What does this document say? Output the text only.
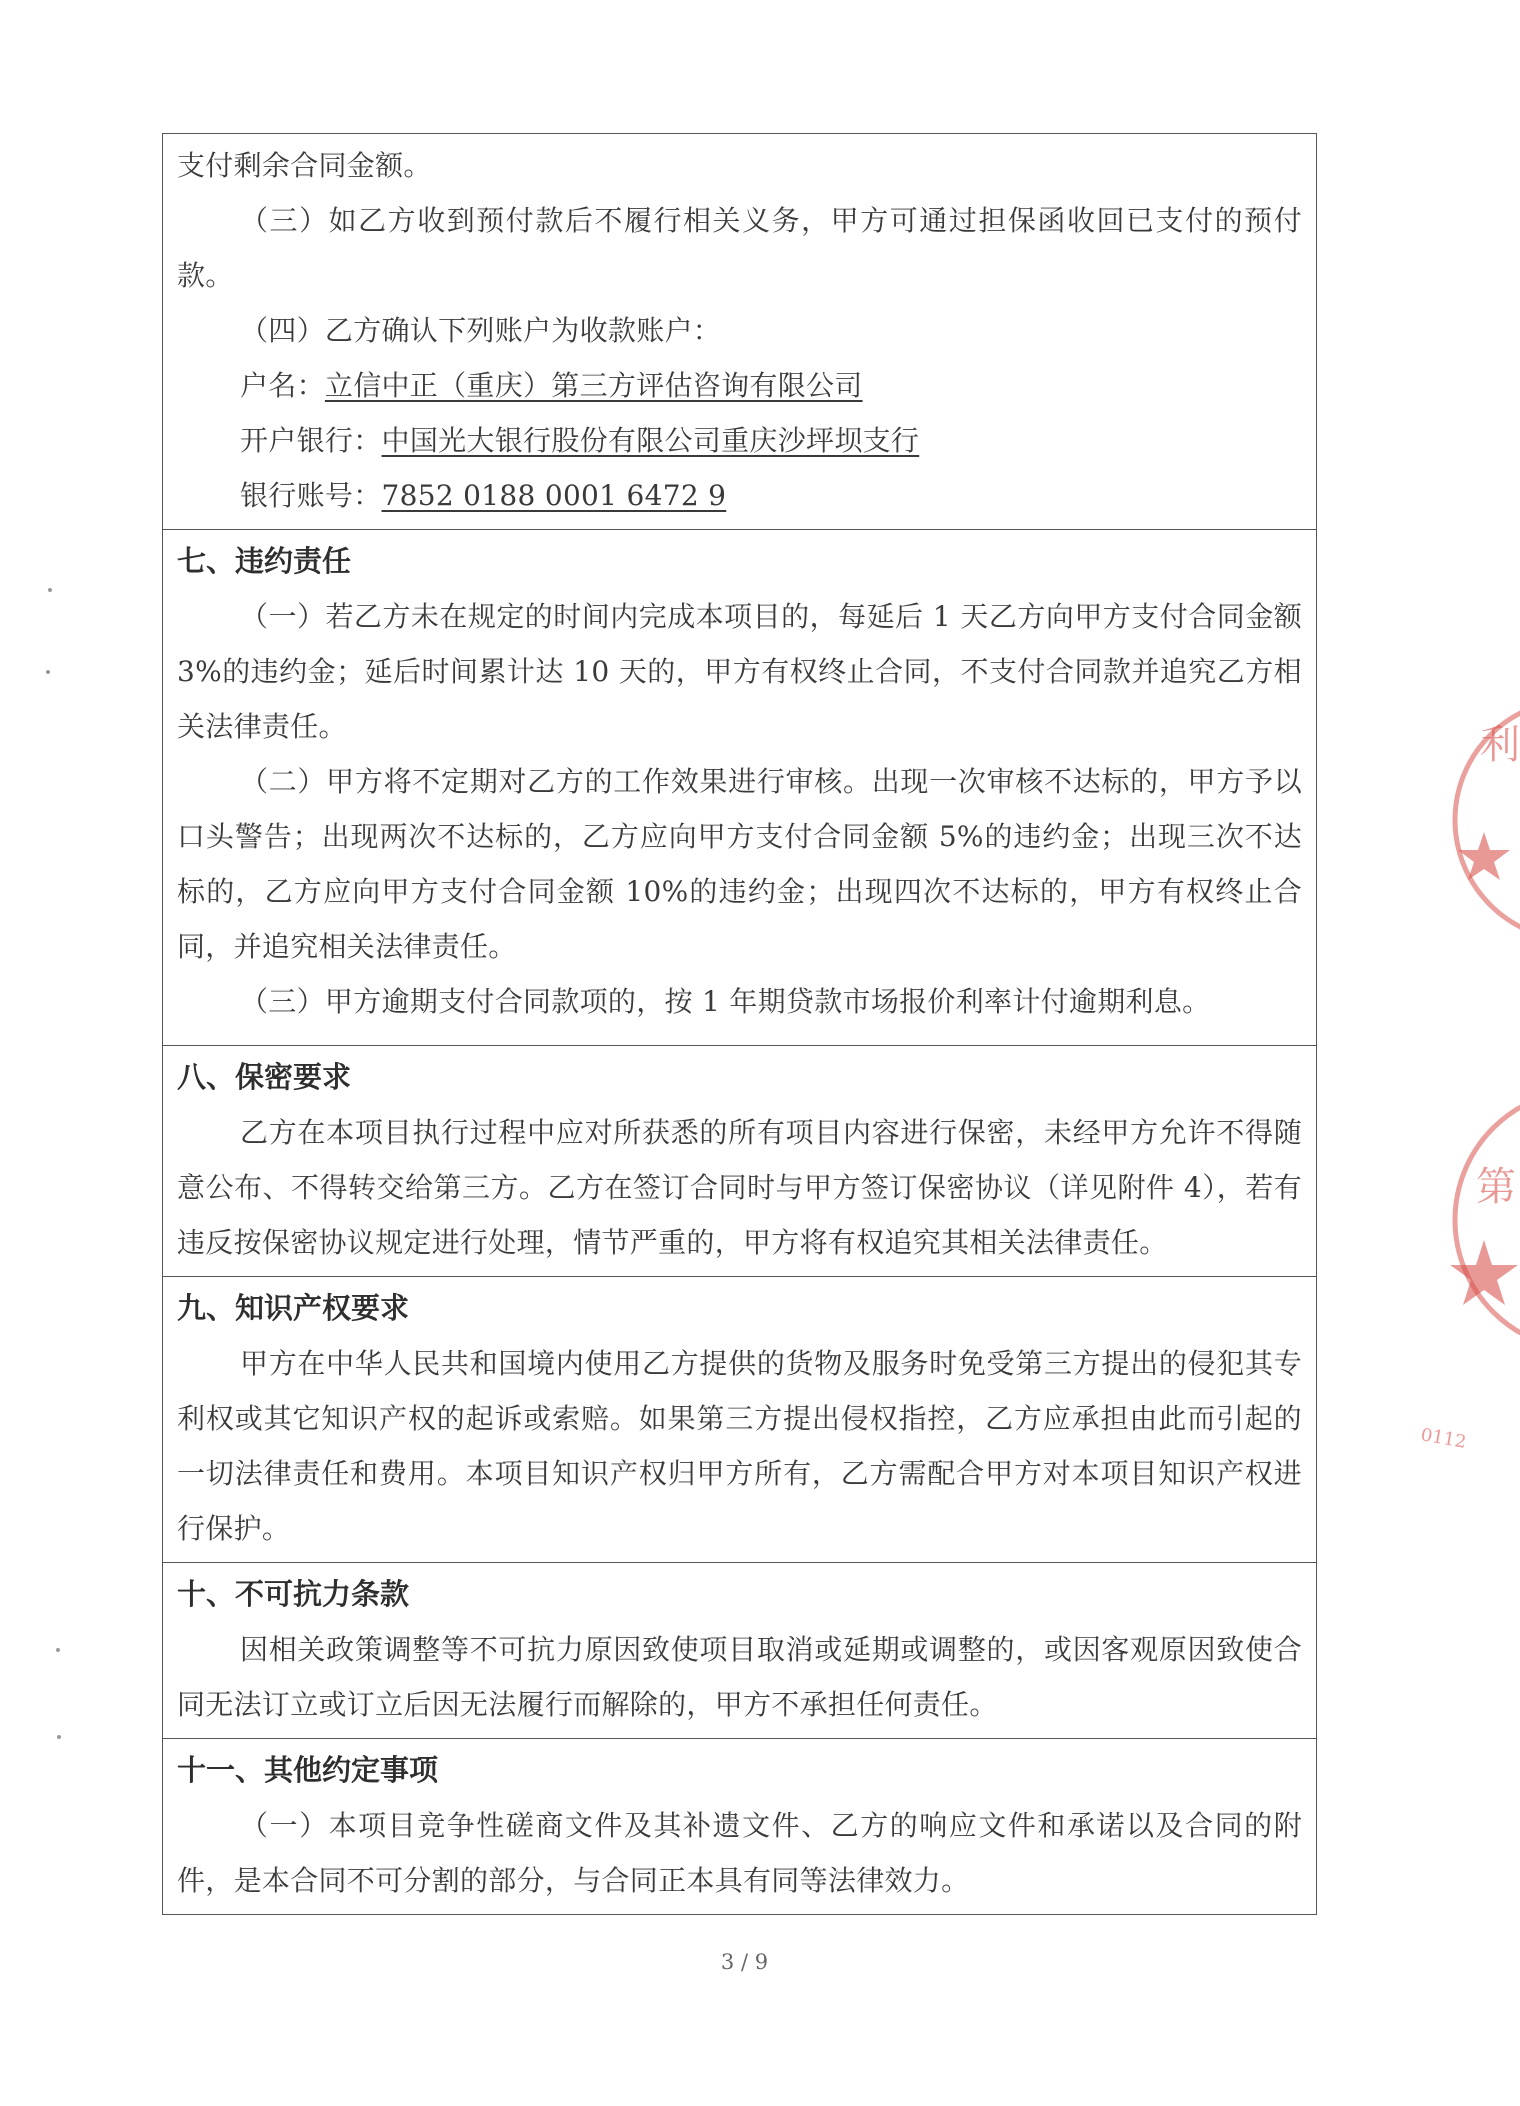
支付剩余合同金额。

（三）如乙方收到预付款后不履行相关义务，甲方可通过担保函收回已支付的预付款。

（四）乙方确认下列账户为收款账户：

户名：立信中正（重庆）第三方评估咨询有限公司

开户银行：中国光大银行股份有限公司重庆沙坪坝支行

银行账号：7852 0188 0001 6472 9

七、违约责任

（一）若乙方未在规定的时间内完成本项目的，每延后 1 天乙方向甲方支付合同金额 3%的违约金；延后时间累计达 10 天的，甲方有权终止合同，不支付合同款并追究乙方相关法律责任。

（二）甲方将不定期对乙方的工作效果进行审核。出现一次审核不达标的，甲方予以口头警告；出现两次不达标的，乙方应向甲方支付合同金额 5%的违约金；出现三次不达标的，乙方应向甲方支付合同金额 10%的违约金；出现四次不达标的，甲方有权终止合同，并追究相关法律责任。

（三）甲方逾期支付合同款项的，按 1 年期贷款市场报价利率计付逾期利息。

八、保密要求

乙方在本项目执行过程中应对所获悉的所有项目内容进行保密，未经甲方允许不得随意公布、不得转交给第三方。乙方在签订合同时与甲方签订保密协议（详见附件 4），若有违反按保密协议规定进行处理，情节严重的，甲方将有权追究其相关法律责任。

九、知识产权要求

甲方在中华人民共和国境内使用乙方提供的货物及服务时免受第三方提出的侵犯其专利权或其它知识产权的起诉或索赔。如果第三方提出侵权指控，乙方应承担由此而引起的一切法律责任和费用。本项目知识产权归甲方所有，乙方需配合甲方对本项目知识产权进行保护。

十、不可抗力条款

因相关政策调整等不可抗力原因致使项目取消或延期或调整的，或因客观原因致使合同无法订立或订立后因无法履行而解除的，甲方不承担任何责任。

十一、其他约定事项

（一）本项目竞争性磋商文件及其补遗文件、乙方的响应文件和承诺以及合同的附件，是本合同不可分割的部分，与合同正本具有同等法律效力。

利
第
0112
3 / 9
